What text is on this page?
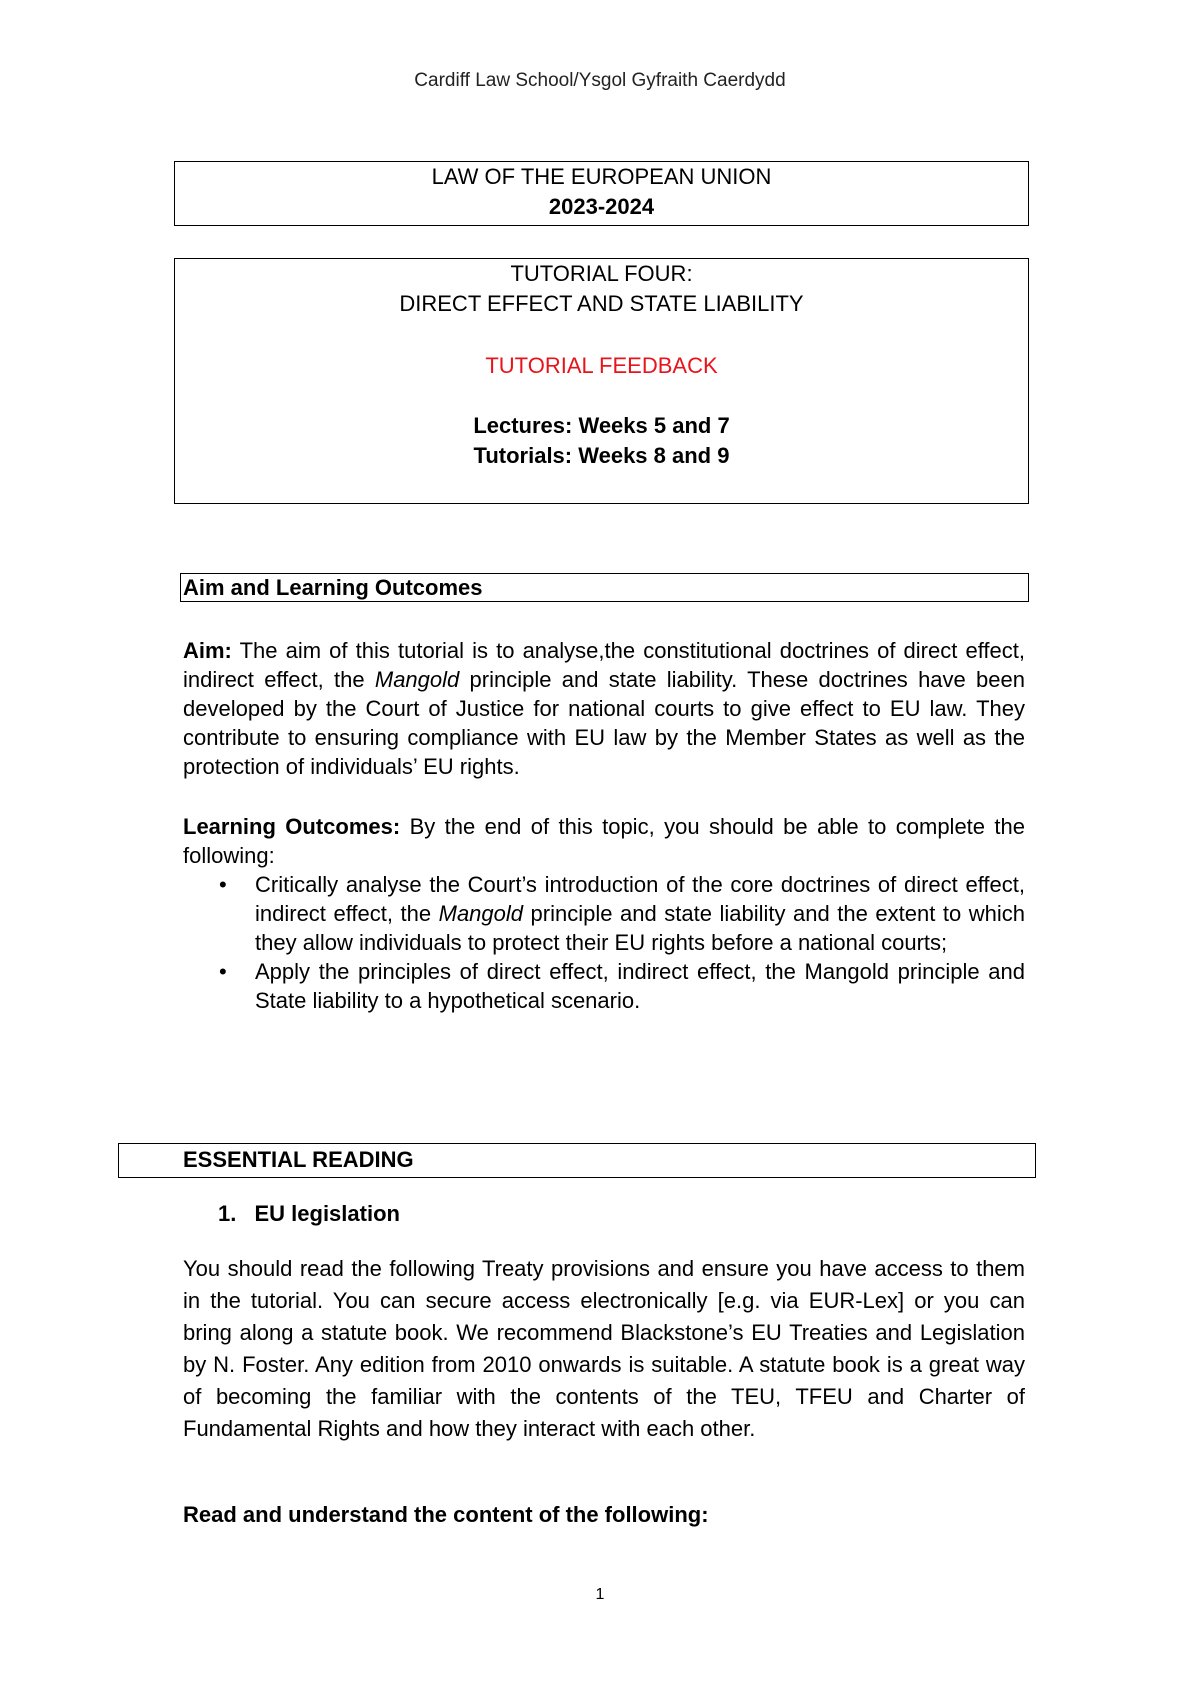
Cardiff Law School/Ysgol Gyfraith Caerdydd
LAW OF THE EUROPEAN UNION
2023-2024
TUTORIAL FOUR:
DIRECT EFFECT AND STATE LIABILITY
TUTORIAL FEEDBACK
Lectures: Weeks 5 and 7
Tutorials: Weeks 8 and 9
Aim and Learning Outcomes
Aim: The aim of this tutorial is to analyse,the constitutional doctrines of direct effect, indirect effect, the Mangold principle and state liability. These doctrines have been developed by the Court of Justice for national courts to give effect to EU law. They contribute to ensuring compliance with EU law by the Member States as well as the protection of individuals’ EU rights.
Learning Outcomes: By the end of this topic, you should be able to complete the following:
• Critically analyse the Court’s introduction of the core doctrines of direct effect, indirect effect, the Mangold principle and state liability and the extent to which they allow individuals to protect their EU rights before a national courts;
• Apply the principles of direct effect, indirect effect, the Mangold principle and State liability to a hypothetical scenario.
ESSENTIAL READING
1. EU legislation
You should read the following Treaty provisions and ensure you have access to them in the tutorial. You can secure access electronically [e.g. via EUR-Lex] or you can bring along a statute book. We recommend Blackstone’s EU Treaties and Legislation by N. Foster. Any edition from 2010 onwards is suitable. A statute book is a great way of becoming the familiar with the contents of the TEU, TFEU and Charter of Fundamental Rights and how they interact with each other.
Read and understand the content of the following:
1
